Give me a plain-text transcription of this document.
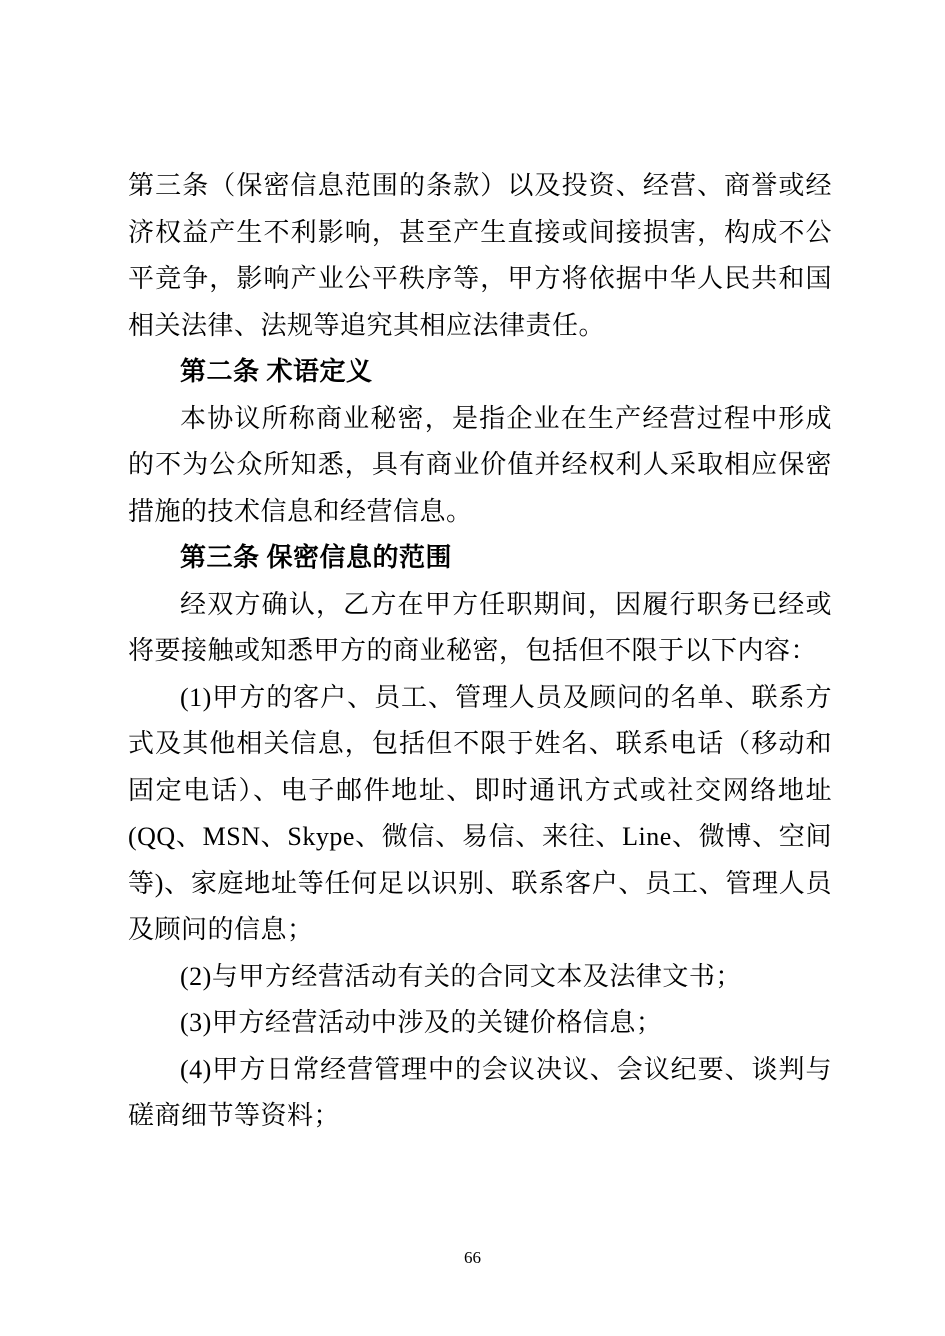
第三条（保密信息范围的条款）以及投资、经营、商誉或经济权益产生不利影响，甚至产生直接或间接损害，构成不公平竞争，影响产业公平秩序等，甲方将依据中华人民共和国相关法律、法规等追究其相应法律责任。

第二条 术语定义

本协议所称商业秘密，是指企业在生产经营过程中形成的不为公众所知悉，具有商业价值并经权利人采取相应保密措施的技术信息和经营信息。

第三条 保密信息的范围

经双方确认，乙方在甲方任职期间，因履行职务已经或将要接触或知悉甲方的商业秘密，包括但不限于以下内容：

(1)甲方的客户、员工、管理人员及顾问的名单、联系方式及其他相关信息，包括但不限于姓名、联系电话（移动和固定电话）、电子邮件地址、即时通讯方式或社交网络地址(QQ、MSN、Skype、微信、易信、来往、Line、微博、空间等)、家庭地址等任何足以识别、联系客户、员工、管理人员及顾问的信息；

(2)与甲方经营活动有关的合同文本及法律文书；

(3)甲方经营活动中涉及的关键价格信息；

(4)甲方日常经营管理中的会议决议、会议纪要、谈判与磋商细节等资料；

66
